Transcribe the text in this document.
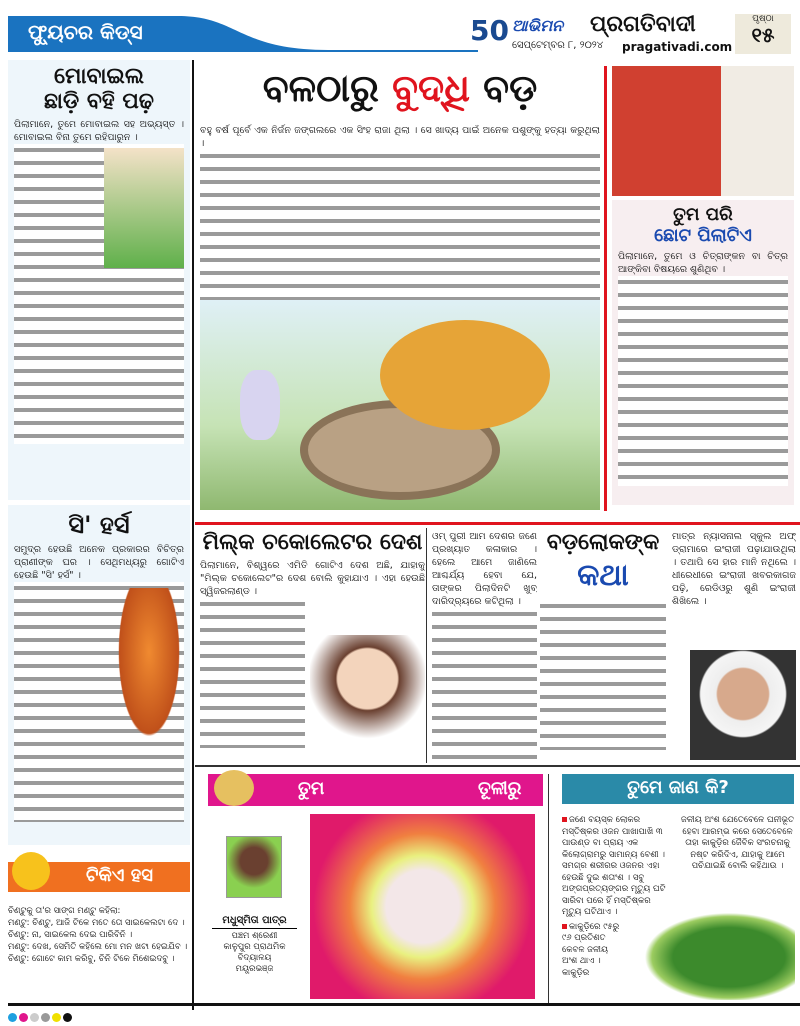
ଫ୍ୟୁଚର କିଡ୍ସ	50 ଆଭିମନ ପ୍ରଗତିବାଦୀ
ସେପ୍ଟେମ୍ବର ୮, ୨୦୨୪ pragativadi.com
ପୃଷ୍ଠା
୧୫
ମୋବାଇଲ
ଛାଡ଼ି ବହି ପଢ଼
ପିଲାମାନେ, ତୁମେ ମୋବାଇଲ ସହ ଅଭ୍ୟସ୍ତ । ମୋବାଇଲ ବିନା ତୁମେ ରହିପାରୁନ ।
ସି' ହର୍ସ
ସମୁଦ୍ର ହେଉଛି ଅନେକ ପ୍ରକାରର ବିଚିତ୍ର ପ୍ରାଣୀଙ୍କ ଘର । ସେଥିମଧ୍ୟରୁ ଗୋଟିଏ ହେଉଛି "ସି' ହର୍ସ" ।
ଟିକିଏ ହସ
ଚିଣ୍ଟୁକୁ ତା'ର ସାଙ୍ଗ ମଣ୍ଟୁ କହିଲା:
ମଣ୍ଟୁ: ଚିଣ୍ଟୁ, ଆଜି ଟିକେ ମତେ ତୋ ସାଇକେଲଟା ଦେ ।
ଚିଣ୍ଟୁ: ନା, ସାଇକେଲ ଦେଇ ପାରିବିନି ।
ମଣ୍ଟୁ: ଦେଖ, ସେମିତି କହିଲେ ମୋ ମନ ଖଟା ହେଇଯିବ ।
ଚିଣ୍ଟୁ: ଗୋଟେ କାମ କରିବୁ, ଚିନି ଟିକେ ମିଶେଇଦବୁ ।
ବଳଠାରୁ ବୁଦ୍ଧି ବଡ଼
ବହୁ ବର୍ଷ ପୂର୍ବେ ଏକ ନିର୍ଜନ ଜଙ୍ଗଲରେ ଏକ ସିଂହ ରାଜା ଥିଲା । ସେ ଖାଦ୍ୟ ପାଇଁ ଅନେକ ପଶୁଙ୍କୁ ହତ୍ୟା କରୁଥିଲା ।
ତୁମ ପରି
ଛୋଟ ପିଲାଟିଏ
ପିଲାମାନେ, ତୁମେ ଓ ଚିତ୍ରାଙ୍କନ ବା ଚିତ୍ର ଆଙ୍କିବା ବିଷୟରେ ଶୁଣିଥିବ ।
ମିଲ୍କ ଚକୋଲେଟର ଦେଶ
ପିଲାମାନେ, ବିଶ୍ୱରେ ଏମିତି ଗୋଟିଏ ଦେଶ ଅଛି, ଯାହାକୁ "ମିଲ୍କ ଚକୋଲେଟ"ର ଦେଶ ବୋଲି କୁହାଯାଏ । ଏହା ହେଉଛି ସ୍ୱିଜରଲାଣ୍ଡ ।
ଓମ୍ ପୁରୀ ଆମ ଦେଶର ଜଣେ ପ୍ରଖ୍ୟାତ କଳାକାର । ହେଲେ ଆମେ ଜାଣିଲେ ଆଶ୍ଚର୍ଯ୍ୟ ହେବା ଯେ, ତାଙ୍କର ପିଲାଦିନଟି ଖୁବ୍ ଦାରିଦ୍ର୍ୟରେ କଟିଥିଲା ।
ବଡ଼ଲୋକଙ୍କ
କଥା
ମାତ୍ର ନ୍ୟାସନାଲ ସ୍କୁଲ ଅଫ୍ ଡ୍ରାମାରେ ଇଂରାଜୀ ପଢ଼ାଯାଉଥିଲା । ତଥାପି ସେ ହାର ମାନି ନଥିଲେ । ଧୀରେଧୀରେ ଇଂରାଜୀ ଖବରକାଗଜ ପଢ଼ି, ରେଡିଓରୁ ଶୁଣି ଇଂରାଜୀ ଶିଖିଲେ ।
ତୁମ	ତୂଳୀରୁ
ମଧୁସ୍ମିତା ପାତ୍ର
ପଞ୍ଚମ ଶ୍ରେଣୀ
କାଳୁପୁର ପ୍ରାଥମିକ ବିଦ୍ୟାଳୟ
ମୟୂରଭଞ୍ଜ
ତୁମେ ଜାଣ କି?
ଜଣେ ବୟସ୍କ ଲୋକର ମସ୍ତିଷ୍କର ଓଜନ ପାଖାପାଖି ୩ ପାଉଣ୍ଡ ବା ପ୍ରାୟ ଏକ କିଲୋଗ୍ରାମରୁ ସାମାନ୍ୟ ବେଶୀ । ସମଗ୍ର ଶରୀରର ଓଜନର ଏହା ହେଉଛି ଦୁଇ ଶତାଂଶ । ସବୁ ଅଙ୍ଗପ୍ରତ୍ୟଙ୍ଗର ମୃତ୍ୟୁ ଘଟି ସାରିବା ପରେ ହିଁ ମସ୍ତିଷ୍କର ମୃତ୍ୟୁ ଘଟିଥାଏ ।
କାକୁଡ଼ିରେ ୯୫ରୁ ୯୬ ପ୍ରତିଶତ କେବଳ ଜଳୀୟ ଅଂଶ ଥାଏ । କାକୁଡ଼ିର
ଜଳୀୟ ଅଂଶ ଯେତେବେଳେ ଘନୀଭୂତ ହେବା ଆରମ୍ଭ କରେ ସେତେବେଳେ ତାହା କାକୁଡ଼ିର ଜୈବିକ ସଂରଚନାକୁ ନଷ୍ଟ କରିଦିଏ, ଯାହାକୁ ଆମେ ପଚିଯାଇଛି ବୋଲି କହିଥାଉ ।
